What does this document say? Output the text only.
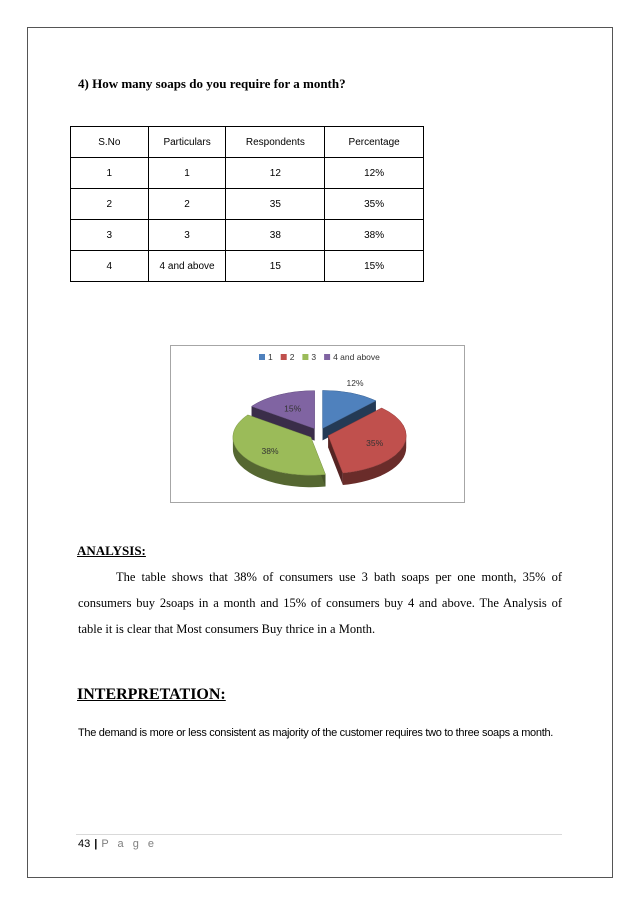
4) How many soaps do you require for a month?

S.No	Particulars	Respondents	Percentage
1	1	12	12%
2	2	35	35%
3	3	38	38%
4	4 and above	15	15%
1 2 3 4 and above
12%
35%
38%
15%

ANALYSIS:

The table shows that 38% of consumers use 3 bath soaps per one month, 35% of consumers buy 2soaps in a month and 15% of consumers buy 4 and above. The Analysis of table it is clear that Most consumers Buy thrice in a Month.

INTERPRETATION:

The demand is more or less consistent as majority of the customer requires two to three soaps a month.

43 | P a g e
